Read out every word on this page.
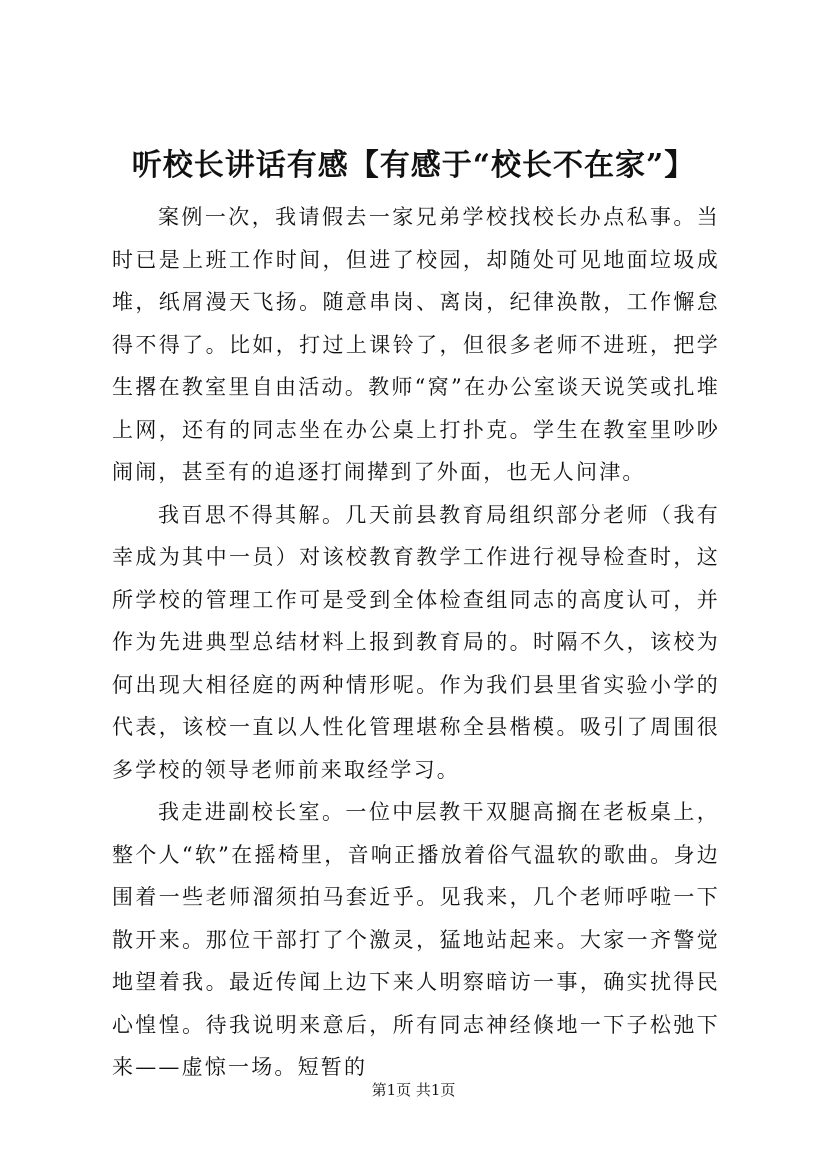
听校长讲话有感【有感于“校长不在家”】

案例一次，我请假去一家兄弟学校找校长办点私事。当时已是上班工作时间，但进了校园，却随处可见地面垃圾成堆，纸屑漫天飞扬。随意串岗、离岗，纪律涣散，工作懈怠得不得了。比如，打过上课铃了，但很多老师不进班，把学生撂在教室里自由活动。教师“窝”在办公室谈天说笑或扎堆上网，还有的同志坐在办公桌上打扑克。学生在教室里吵吵闹闹，甚至有的追逐打闹撵到了外面，也无人问津。

我百思不得其解。几天前县教育局组织部分老师（我有幸成为其中一员）对该校教育教学工作进行视导检查时，这所学校的管理工作可是受到全体检查组同志的高度认可，并作为先进典型总结材料上报到教育局的。时隔不久，该校为何出现大相径庭的两种情形呢。作为我们县里省实验小学的代表，该校一直以人性化管理堪称全县楷模。吸引了周围很多学校的领导老师前来取经学习。

我走进副校长室。一位中层教干双腿高搁在老板桌上，整个人“软”在摇椅里，音响正播放着俗气温软的歌曲。身边围着一些老师溜须拍马套近乎。见我来，几个老师呼啦一下散开来。那位干部打了个激灵，猛地站起来。大家一齐警觉地望着我。最近传闻上边下来人明察暗访一事，确实扰得民心惶惶。待我说明来意后，所有同志神经倏地一下子松弛下来——虚惊一场。短暂的

第1页 共1页
